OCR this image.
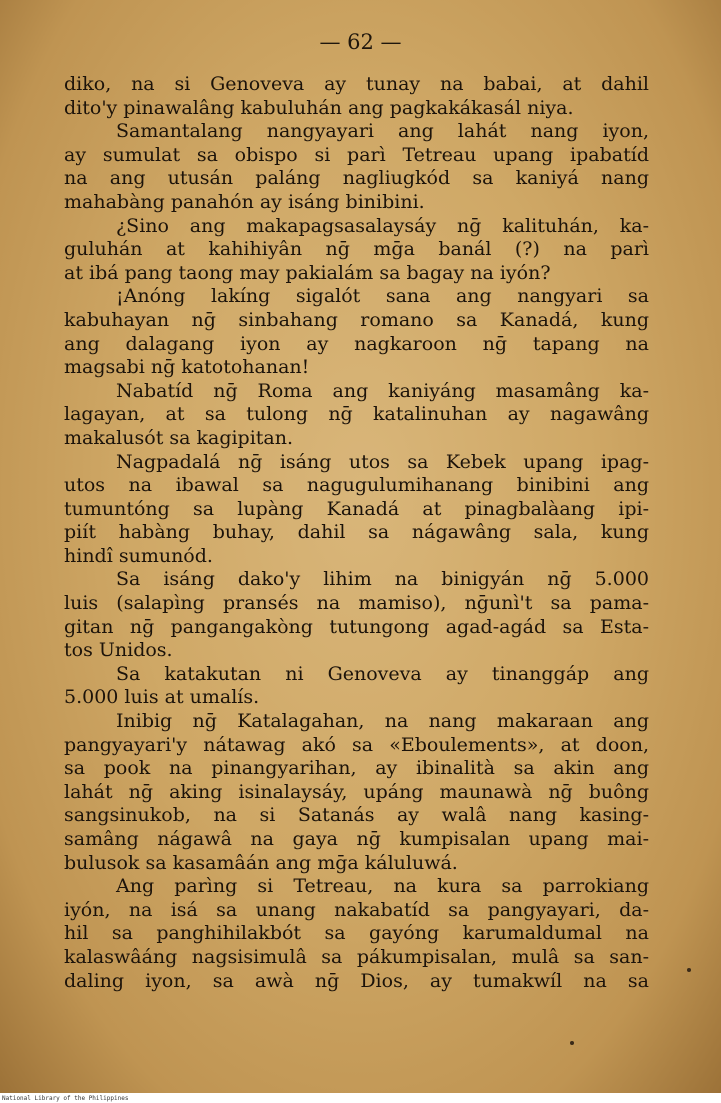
— 62 —
diko, na si Genoveva ay tunay na babai, at dahil
dito'y pinawalâng kabuluhán ang pagkakákasál niya.
Samantalang nangyayari ang lahát nang iyon,
ay sumulat sa obispo si parì Tetreau upang ipabatíd
na ang utusán paláng nagliugkód sa kaniyá nang
mahabàng panahón ay isáng binibini.
¿Sino ang makapagsasalaysáy nḡ kalituhán, ka-
guluhán at kahihiyân nḡ mḡa banál (?) na parì
at ibá pang taong may pakialám sa bagay na iyón?
¡Anóng lakíng sigalót sana ang nangyari sa
kabuhayan nḡ sinbahang romano sa Kanadá, kung
ang dalagang iyon ay nagkaroon nḡ tapang na
magsabi nḡ katotohanan!
Nabatíd nḡ Roma ang kaniyáng masamâng ka-
lagayan, at sa tulong nḡ katalinuhan ay nagawâng
makalusót sa kagipitan.
Nagpadalá nḡ isáng utos sa Kebek upang ipag-
utos na ibawal sa nagugulumihanang binibini ang
tumuntóng sa lupàng Kanadá at pinagbalàang ipi-
piít habàng buhay, dahil sa nágawâng sala, kung
hindî sumunód.
Sa isáng dako'y lihim na binigyán nḡ 5.000
luis (salapìng pransés na mamiso), nḡunì't sa pama-
gitan nḡ pangangakòng tutungong agad-agád sa Esta-
tos Unidos.
Sa katakutan ni Genoveva ay tinanggáp ang
5.000 luis at umalís.
Inibig nḡ Katalagahan, na nang makaraan ang
pangyayari'y nátawag akó sa «Eboulements», at doon,
sa pook na pinangyarihan, ay ibinalità sa akin ang
lahát nḡ aking isinalaysáy, upáng maunawà nḡ buông
sangsinukob, na si Satanás ay walâ nang kasing-
samâng nágawâ na gaya nḡ kumpisalan upang mai-
bulusok sa kasamâán ang mḡa káluluwá.
Ang parìng si Tetreau, na kura sa parrokiang
iyón, na isá sa unang nakabatíd sa pangyayari, da-
hil sa panghihilakbót sa gayóng karumaldumal na
kalaswâáng nagsisimulâ sa pákumpisalan, mulâ sa san-
daling iyon, sa awà nḡ Dios, ay tumakwíl na sa
National Library of the Philippines
